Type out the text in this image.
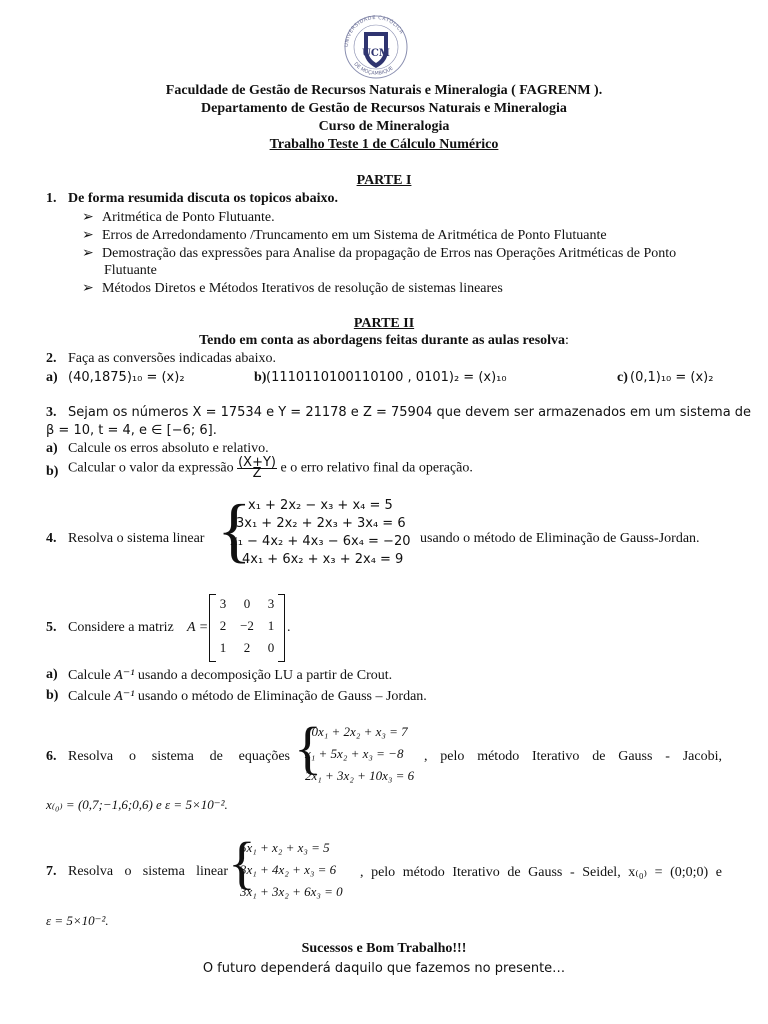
UCM
UNIVERSIDADE CATÓLICA
DE MOÇAMBIQUE
Faculdade de Gestão de Recursos Naturais e Mineralogia ( FAGRENM ).
Departamento de Gestão de Recursos Naturais e Mineralogia
Curso de Mineralogia
Trabalho Teste 1 de Cálculo Numérico
PARTE I
1. De forma resumida discuta os topicos abaixo.
➢ Aritmética de Ponto Flutuante.
➢ Erros de Arredondamento /Truncamento em um Sistema de Aritmética de Ponto Flutuante
➢ Demostração das expressões para Analise da propagação de Erros nas Operações Aritméticas de Ponto
Flutuante
➢ Métodos Diretos e Métodos Iterativos de resolução de sistemas lineares
PARTE II
Tendo em conta as abordagens feitas durante as aulas resolva:
2. Faça as conversões indicadas abaixo.
a) (40,1875)₁₀ = (x)₂	b) (1110110100110100 , 0101)₂ = (x)₁₀	c) (0,1)₁₀ = (x)₂
3. Sejam os números X = 17534 e Y = 21178 e Z = 75904 que devem ser armazenados em um sistema de
β = 10, t = 4, e ∈ [−6; 6].
a) Calcule os erros absoluto e relativo.
b) Calcular o valor da expressão $\frac{(X+Y)}{Z}$ e o erro relativo final da operação.
4. Resolva o sistema linear {
x₁ + 2x₂ − x₃ + x₄ = 5
3x₁ + 2x₂ + 2x₃ + 3x₄ = 6
x₁ − 4x₂ + 4x₃ − 6x₄ = −20
4x₁ + 6x₂ + x₃ + 2x₄ = 9
usando o método de Eliminação de Gauss-Jordan.
5. Considere a matriz A =
3	0	3
2	−2	1
1	2	0
.
a) Calcule A⁻¹ usando a decomposição LU a partir de Crout.
b) Calcule A⁻¹ usando o método de Eliminação de Gauss – Jordan.
6. Resolva o sistema de equações {
10x₁ + 2x₂ + x₃ = 7
x₁ + 5x₂ + x₃ = −8
2x₁ + 3x₂ + 10x₃ = 6
, pelo método Iterativo de Gauss - Jacobi,
x₍₀₎ = (0,7;−1,6;0,6) e ε = 5×10⁻².
7. Resolva o sistema linear {
5x₁ + x₂ + x₃ = 5
3x₁ + 4x₂ + x₃ = 6
3x₁ + 3x₂ + 6x₃ = 0
, pelo método Iterativo de Gauss - Seidel, x₍₀₎ = (0;0;0) e
ε = 5×10⁻².
Sucessos e Bom Trabalho!!!
O futuro dependerá daquilo que fazemos no presente…
